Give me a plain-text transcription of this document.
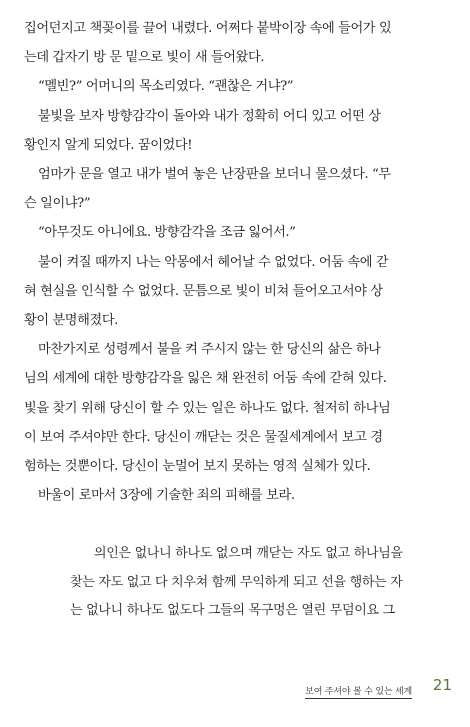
집어던지고 책꽂이를 끌어 내렸다. 어쩌다 붙박이장 속에 들어가 있
는데 갑자기 방 문 밑으로 빛이 새 들어왔다.
“멜빈?” 어머니의 목소리였다. “괜찮은 거냐?”
불빛을 보자 방향감각이 돌아와 내가 정확히 어디 있고 어떤 상
황인지 알게 되었다. 꿈이었다!
엄마가 문을 열고 내가 벌여 놓은 난장판을 보더니 물으셨다. “무
슨 일이냐?”
“아무것도 아니에요. 방향감각을 조금 잃어서.”
불이 켜질 때까지 나는 악몽에서 헤어날 수 없었다. 어둠 속에 갇
혀 현실을 인식할 수 없었다. 문틈으로 빛이 비쳐 들어오고서야 상
황이 분명해졌다.
마찬가지로 성령께서 불을 켜 주시지 않는 한 당신의 삶은 하나
님의 세계에 대한 방향감각을 잃은 채 완전히 어둠 속에 갇혀 있다.
빛을 찾기 위해 당신이 할 수 있는 일은 하나도 없다. 철저히 하나님
이 보여 주셔야만 한다. 당신이 깨닫는 것은 물질세계에서 보고 경
험하는 것뿐이다. 당신이 눈멀어 보지 못하는 영적 실체가 있다.
바울이 로마서 3장에 기술한 죄의 피해를 보라.
의인은 없나니 하나도 없으며 깨닫는 자도 없고 하나님을
찾는 자도 없고 다 치우쳐 함께 무익하게 되고 선을 행하는 자
는 없나니 하나도 없도다 그들의 목구멍은 열린 무덤이요 그
보여 주셔야 볼 수 있는 세계 21
